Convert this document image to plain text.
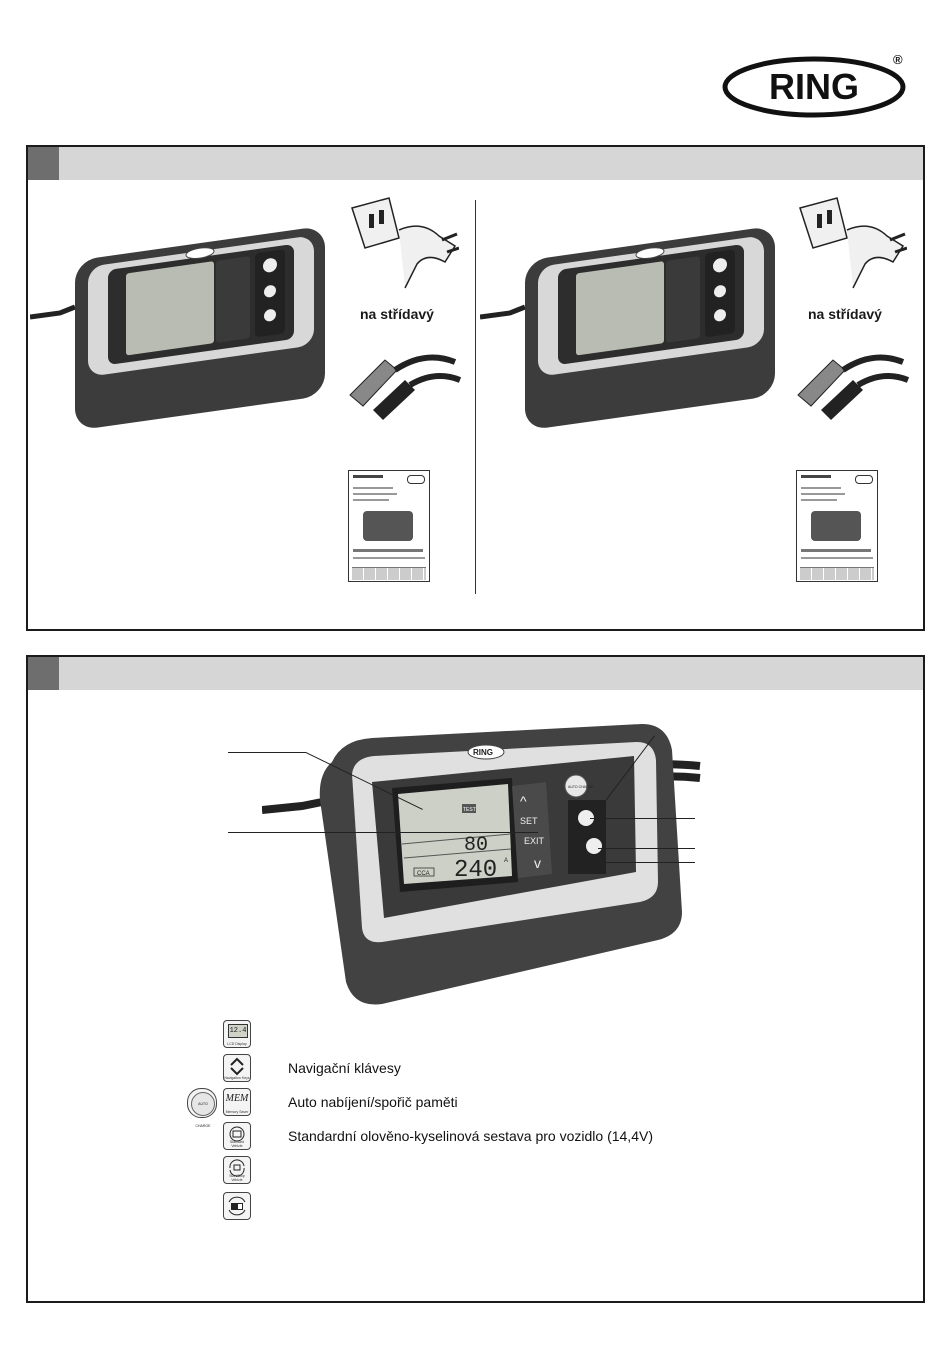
RING
®
na střídavý	na střídavý
80
240 A
CCA
TEST
^
SET
EXIT
v
AUTO CHARGE
RING
12.4
LCD Display
Navigation Keys
Navigační klávesy
AUTO CHARGE
MEM
Memory Saver
Auto nabíjení/spořič paměti
Standard Vehicle
Standardní olověno-kyselinová sestava pro vozidlo (14,4V)
Start/Stop Vehicle
